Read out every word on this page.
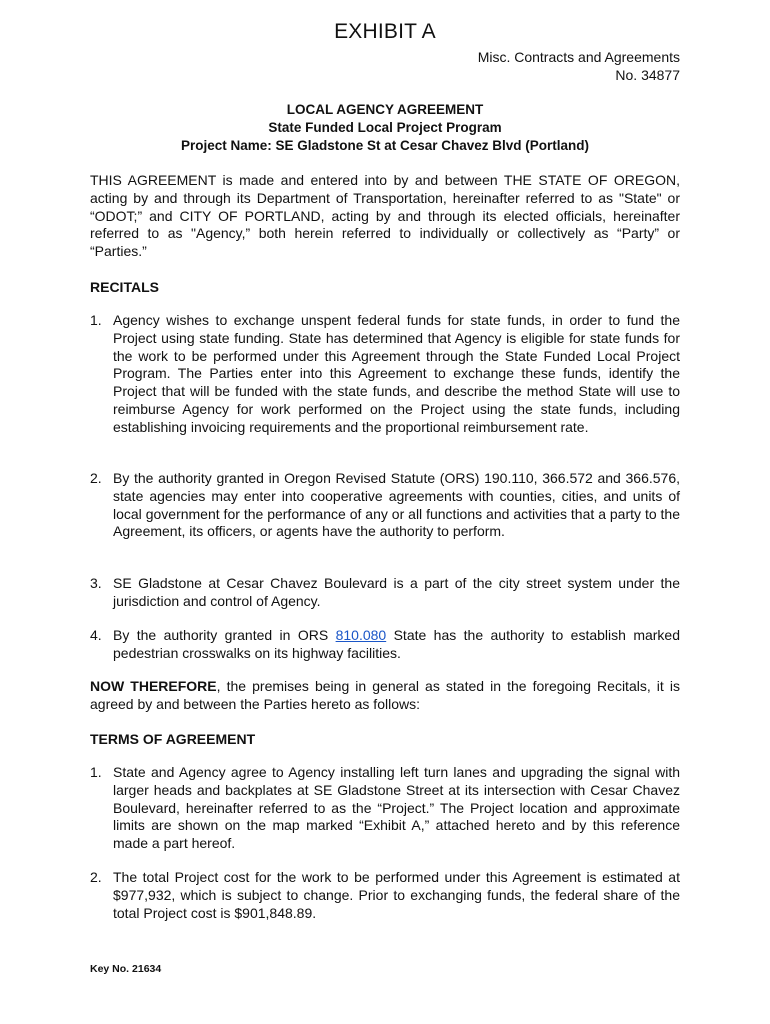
EXHIBIT A
Misc. Contracts and Agreements
No. 34877
LOCAL AGENCY AGREEMENT
State Funded Local Project Program
Project Name: SE Gladstone St at Cesar Chavez Blvd (Portland)
THIS AGREEMENT is made and entered into by and between THE STATE OF OREGON, acting by and through its Department of Transportation, hereinafter referred to as "State" or “ODOT;” and CITY OF PORTLAND, acting by and through its elected officials, hereinafter referred to as "Agency,” both herein referred to individually or collectively as “Party” or “Parties.”
RECITALS
1. Agency wishes to exchange unspent federal funds for state funds, in order to fund the Project using state funding. State has determined that Agency is eligible for state funds for the work to be performed under this Agreement through the State Funded Local Project Program. The Parties enter into this Agreement to exchange these funds, identify the Project that will be funded with the state funds, and describe the method State will use to reimburse Agency for work performed on the Project using the state funds, including establishing invoicing requirements and the proportional reimbursement rate.
2. By the authority granted in Oregon Revised Statute (ORS) 190.110, 366.572 and 366.576, state agencies may enter into cooperative agreements with counties, cities, and units of local government for the performance of any or all functions and activities that a party to the Agreement, its officers, or agents have the authority to perform.
3. SE Gladstone at Cesar Chavez Boulevard is a part of the city street system under the jurisdiction and control of Agency.
4. By the authority granted in ORS 810.080 State has the authority to establish marked pedestrian crosswalks on its highway facilities.
NOW THEREFORE, the premises being in general as stated in the foregoing Recitals, it is agreed by and between the Parties hereto as follows:
TERMS OF AGREEMENT
1. State and Agency agree to Agency installing left turn lanes and upgrading the signal with larger heads and backplates at SE Gladstone Street at its intersection with Cesar Chavez Boulevard, hereinafter referred to as the “Project.” The Project location and approximate limits are shown on the map marked “Exhibit A,” attached hereto and by this reference made a part hereof.
2. The total Project cost for the work to be performed under this Agreement is estimated at $977,932, which is subject to change. Prior to exchanging funds, the federal share of the total Project cost is $901,848.89.
Key No. 21634
